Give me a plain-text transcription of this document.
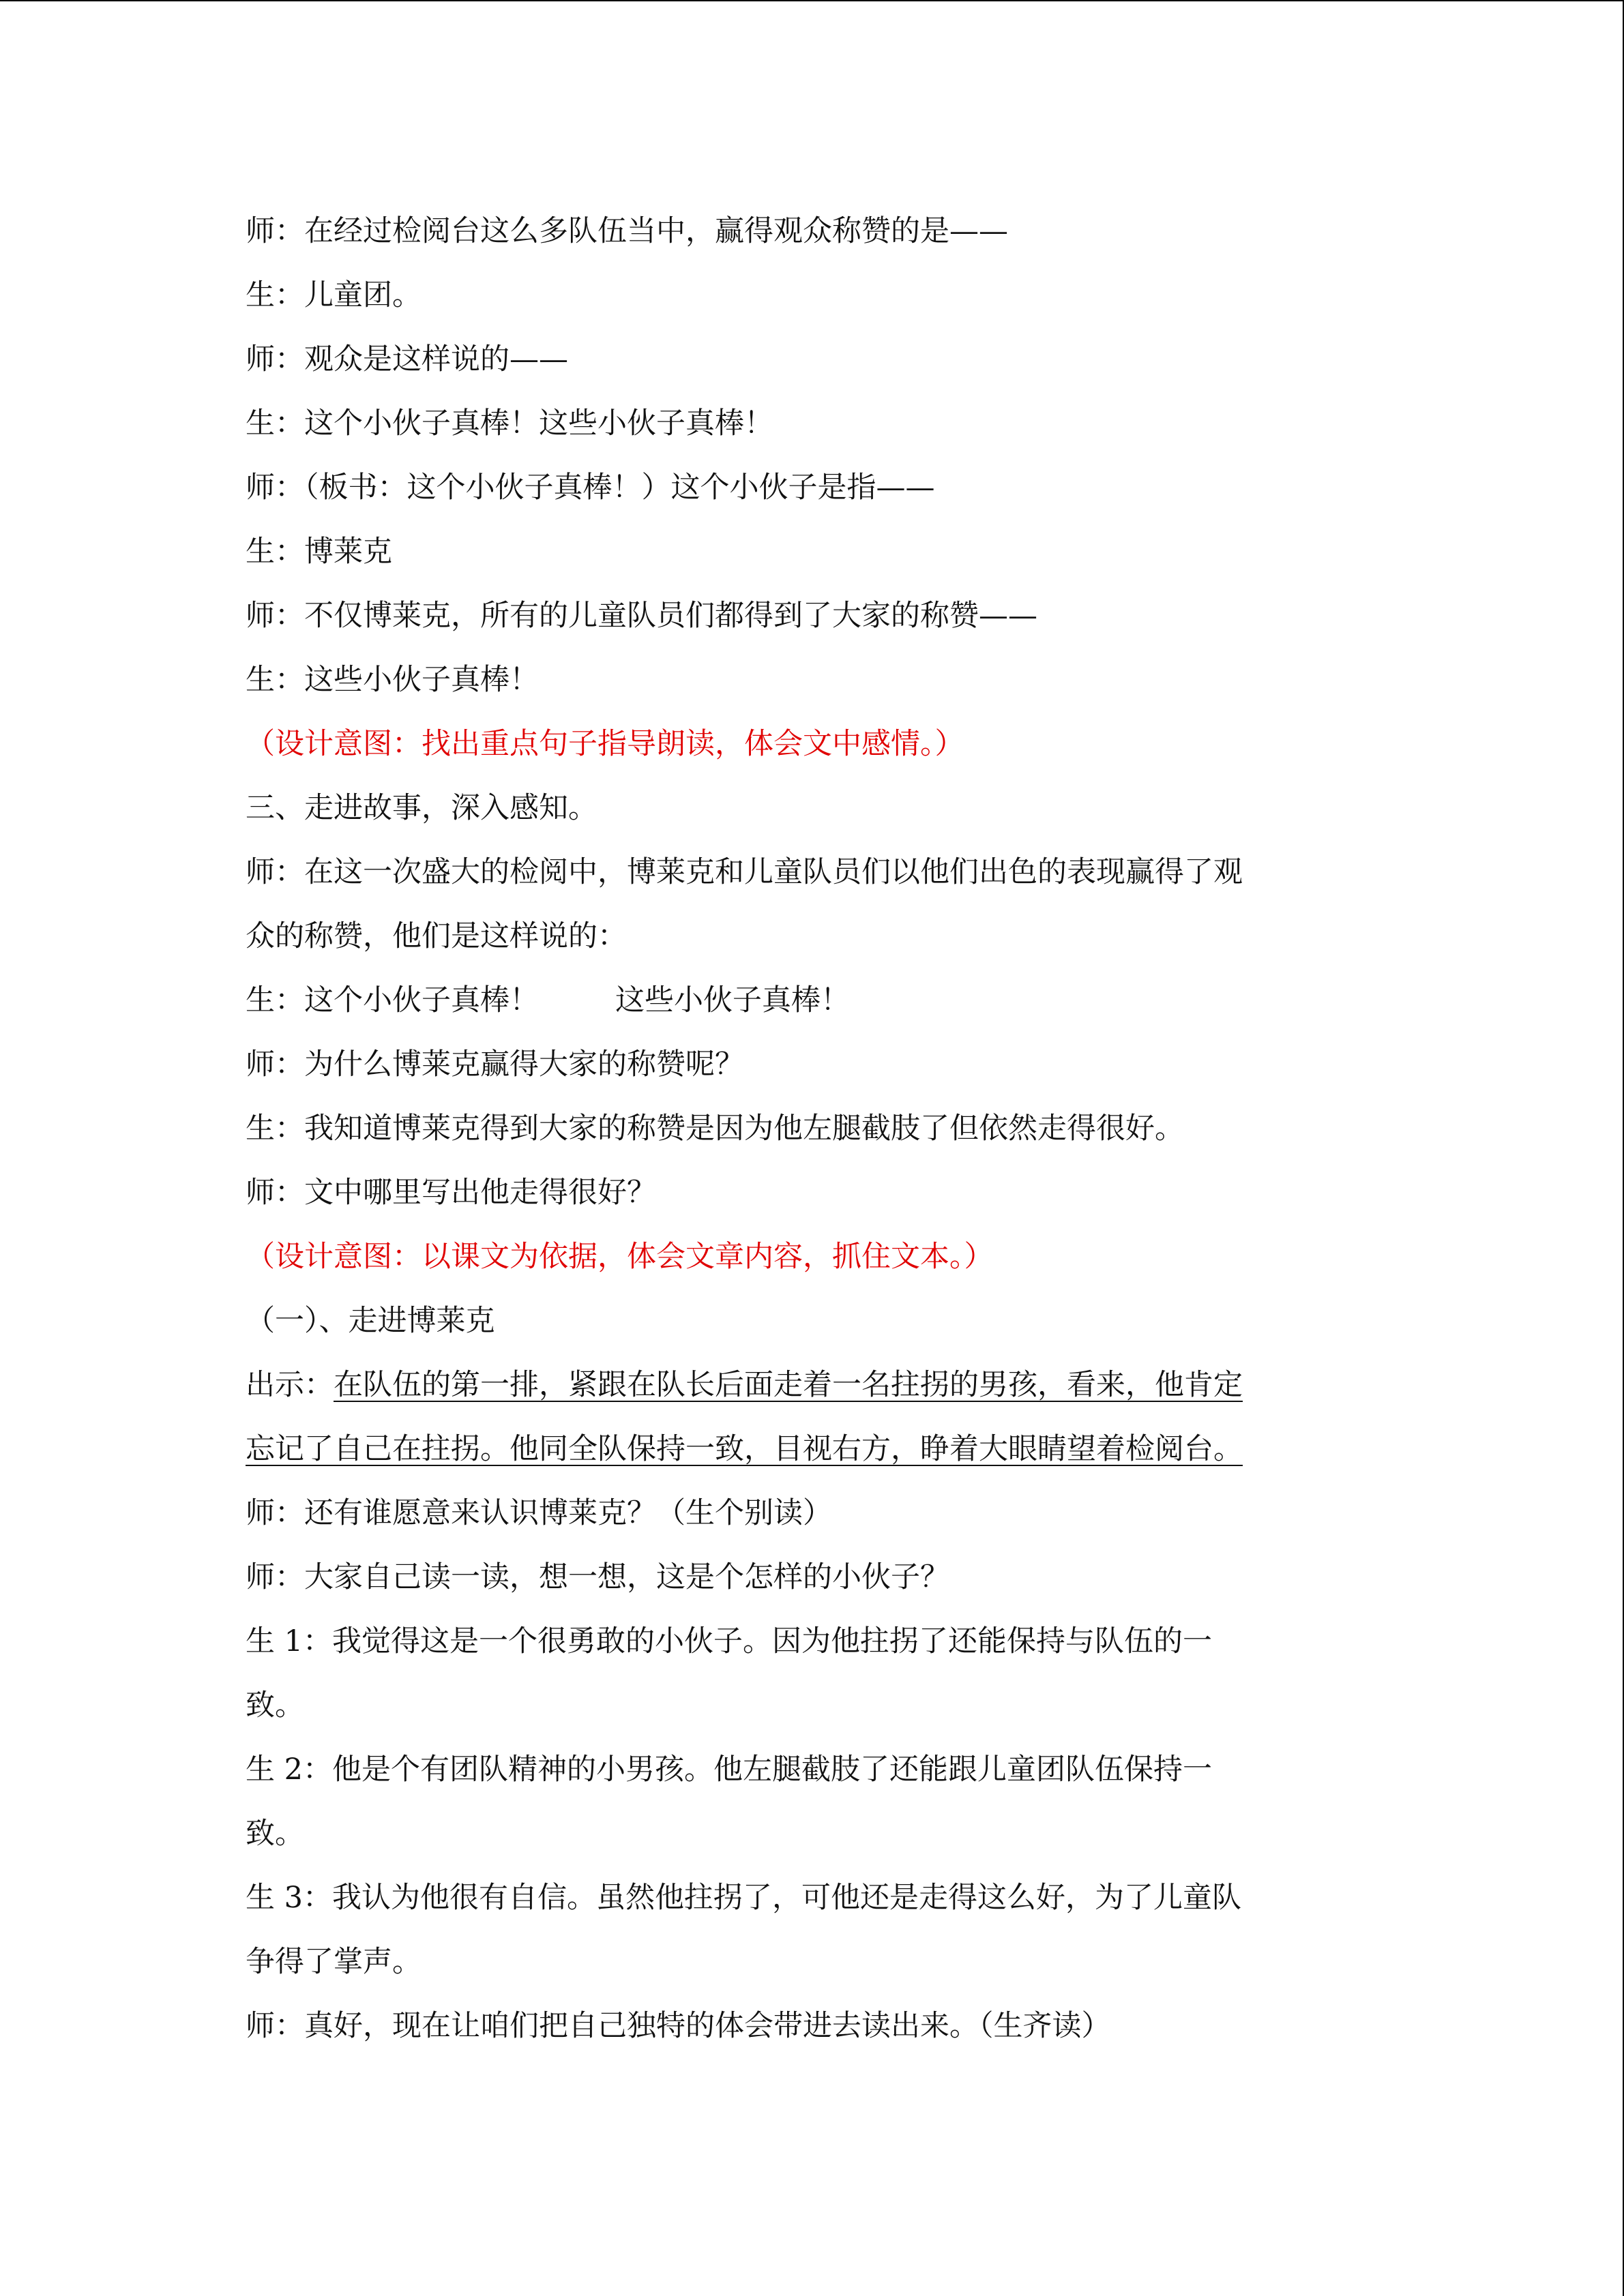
师：在经过检阅台这么多队伍当中，赢得观众称赞的是——
生：儿童团。
师：观众是这样说的——
生：这个小伙子真棒！这些小伙子真棒！
师：（板书：这个小伙子真棒！）这个小伙子是指——
生：博莱克
师：不仅博莱克，所有的儿童队员们都得到了大家的称赞——
生：这些小伙子真棒！
（设计意图：找出重点句子指导朗读，体会文中感情。）
三、走进故事，深入感知。
师：在这一次盛大的检阅中，博莱克和儿童队员们以他们出色的表现赢得了观
众的称赞，他们是这样说的：
生：这个小伙子真棒！	这些小伙子真棒！
师：为什么博莱克赢得大家的称赞呢？
生：我知道博莱克得到大家的称赞是因为他左腿截肢了但依然走得很好。
师：文中哪里写出他走得很好？
（设计意图：以课文为依据，体会文章内容，抓住文本。）
（一）、走进博莱克
出示：在队伍的第一排，紧跟在队长后面走着一名拄拐的男孩，看来，他肯定
忘记了自己在拄拐。他同全队保持一致，目视右方，睁着大眼睛望着检阅台。
师：还有谁愿意来认识博莱克？（生个别读）
师：大家自己读一读，想一想，这是个怎样的小伙子？
生 1：我觉得这是一个很勇敢的小伙子。因为他拄拐了还能保持与队伍的一
致。
生 2：他是个有团队精神的小男孩。他左腿截肢了还能跟儿童团队伍保持一
致。
生 3：我认为他很有自信。虽然他拄拐了，可他还是走得这么好，为了儿童队
争得了掌声。
师：真好，现在让咱们把自己独特的体会带进去读出来。（生齐读）
